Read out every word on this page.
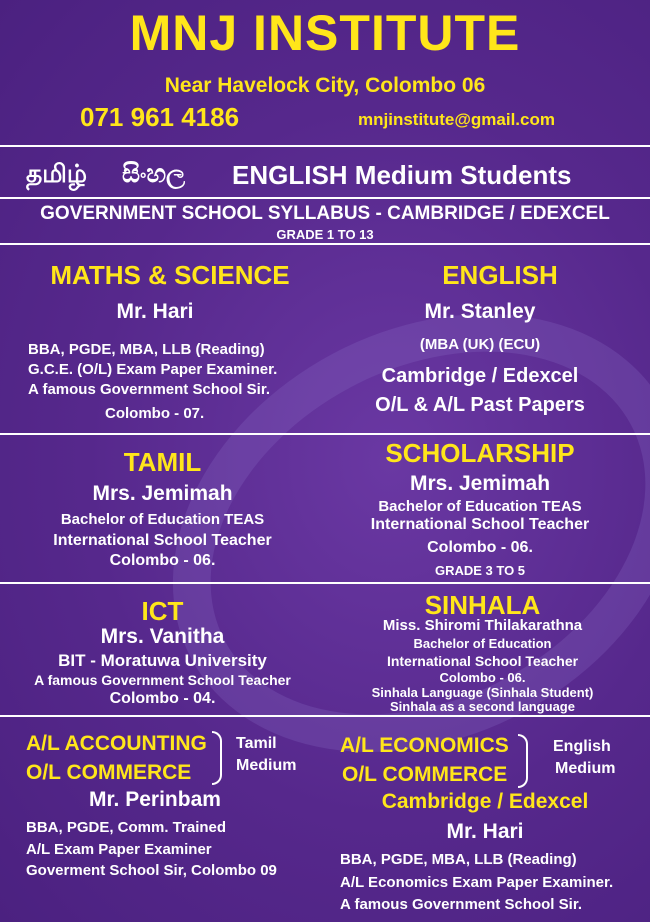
MNJ INSTITUTE
Near Havelock City, Colombo 06
071 961 4186	mnjinstitute@gmail.com
தமிழ் සිංහල ENGLISH Medium Students
GOVERNMENT SCHOOL SYLLABUS - CAMBRIDGE / EDEXCEL
GRADE 1 TO 13
MATHS & SCIENCE
Mr. Hari
BBA, PGDE, MBA, LLB (Reading)
G.C.E. (O/L) Exam Paper Examiner.
A famous Government School Sir.
Colombo - 07.
ENGLISH
Mr. Stanley
(MBA (UK) (ECU)
Cambridge / Edexcel
O/L & A/L Past Papers
TAMIL
Mrs. Jemimah
Bachelor of Education TEAS
International School Teacher
Colombo - 06.
SCHOLARSHIP
Mrs. Jemimah
Bachelor of Education TEAS
International School Teacher
Colombo - 06.
GRADE 3 TO 5
ICT
Mrs. Vanitha
BIT - Moratuwa University
A famous Government School Teacher
Colombo - 04.
SINHALA
Miss. Shiromi Thilakarathna
Bachelor of Education
International School Teacher
Colombo - 06.
Sinhala Language (Sinhala Student)
Sinhala as a second language
A/L ACCOUNTING
O/L COMMERCE
Tamil
Medium
Mr. Perinbam
BBA, PGDE, Comm. Trained
A/L Exam Paper Examiner
Goverment School Sir, Colombo 09
A/L ECONOMICS
O/L COMMERCE
English
Medium
Cambridge / Edexcel
Mr. Hari
BBA, PGDE, MBA, LLB (Reading)
A/L Economics Exam Paper Examiner.
A famous Government School Sir.
